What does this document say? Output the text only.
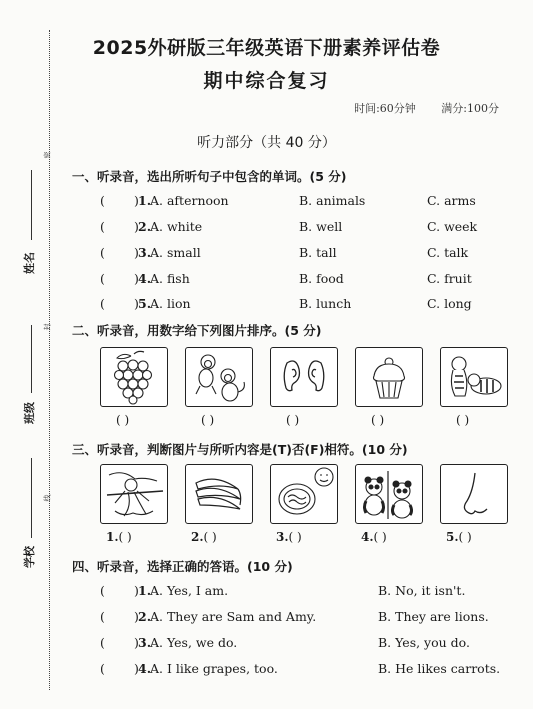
密
封
线
姓名
班级
学校
2025外研版三年级英语下册素养评估卷
期中综合复习
时间:60分钟 满分:100分
听力部分（共 40 分）
一、听录音，选出所听句子中包含的单词。(5 分)
( ) 1.
A. afternoon	B. animals	C. arms
( ) 2.
A. white	B. well	C. week
( ) 3.
A. small	B. tall	C. talk
( ) 4.
A. fish	B. food	C. fruit
( ) 5.
A. lion	B. lunch	C. long
二、听录音，用数字给下列图片排序。(5 分)
( )	( )	( )	( )	( )
三、听录音，判断图片与所听内容是(T)否(F)相符。(10 分)
1.( )	2.( )	3.( )	4.( )	5.( )
四、听录音，选择正确的答语。(10 分)
( ) 1.
A. Yes, I am.	B. No, it isn't.
( ) 2.
A. They are Sam and Amy.	B. They are lions.
( ) 3.
A. Yes, we do.	B. Yes, you do.
( ) 4.
A. I like grapes, too.	B. He likes carrots.
